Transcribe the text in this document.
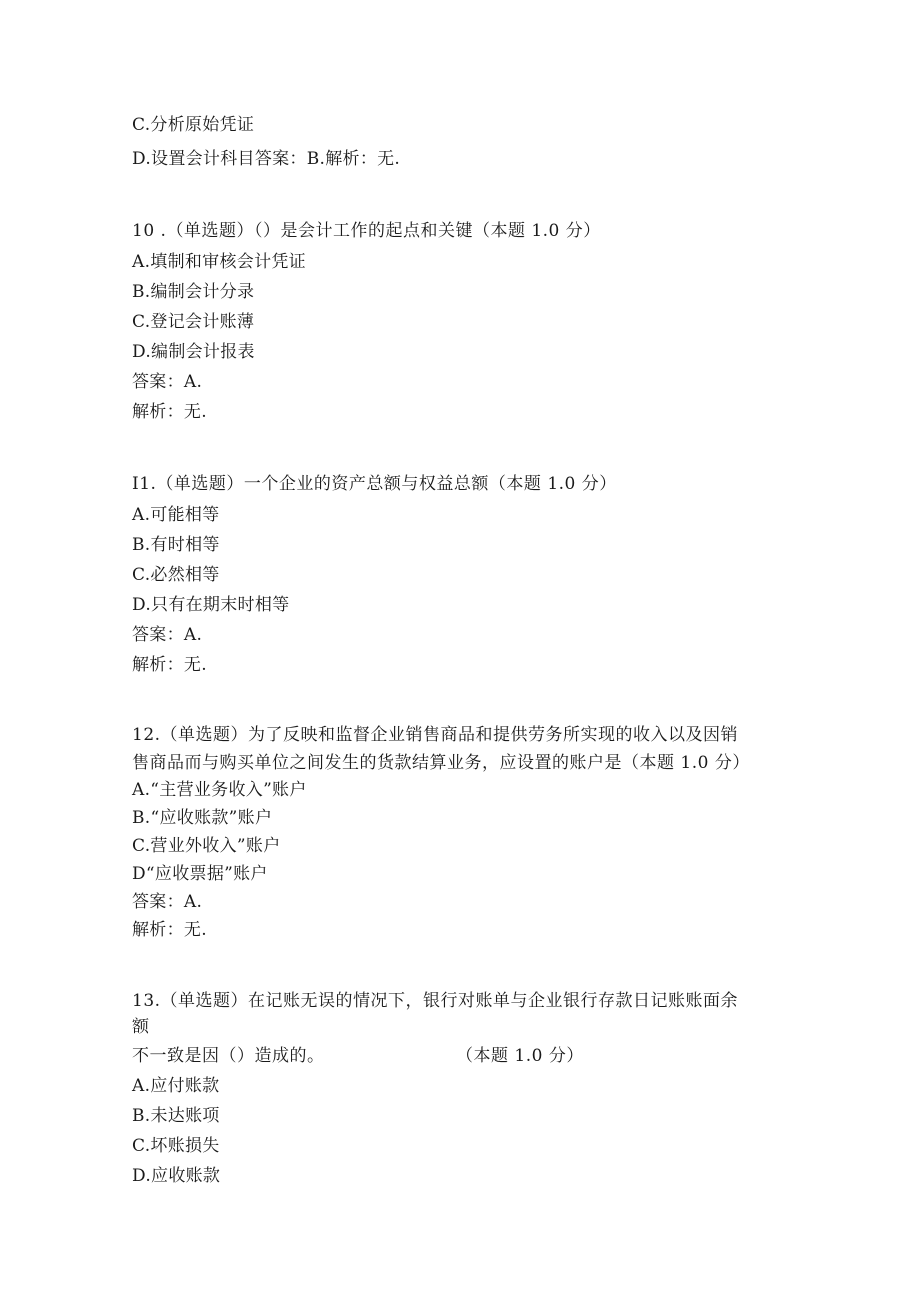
C.分析原始凭证
D.设置会计科目答案：B.解析：无.
10 .（单选题）（）是会计工作的起点和关键（本题 1.0 分）
A.填制和审核会计凭证
B.编制会计分录
C.登记会计账薄
D.编制会计报表
答案：A.
解析：无.
I1.（单选题）一个企业的资产总额与权益总额（本题 1.0 分）
A.可能相等
B.有时相等
C.必然相等
D.只有在期末时相等
答案：A.
解析：无.
12.（单选题）为了反映和监督企业销售商品和提供劳务所实现的收入以及因销
售商品而与购买单位之间发生的货款结算业务，应设置的账户是（本题 1.0 分）
A.“主营业务收入”账户
B.“应收账款”账户
C.营业外收入”账户
D“应收票据”账户
答案：A.
解析：无.
13.（单选题）在记账无误的情况下，银行对账单与企业银行存款日记账账面余
额
不一致是因（）造成的。	（本题 1.0 分）
A.应付账款
B.未达账项
C.坏账损失
D.应收账款
